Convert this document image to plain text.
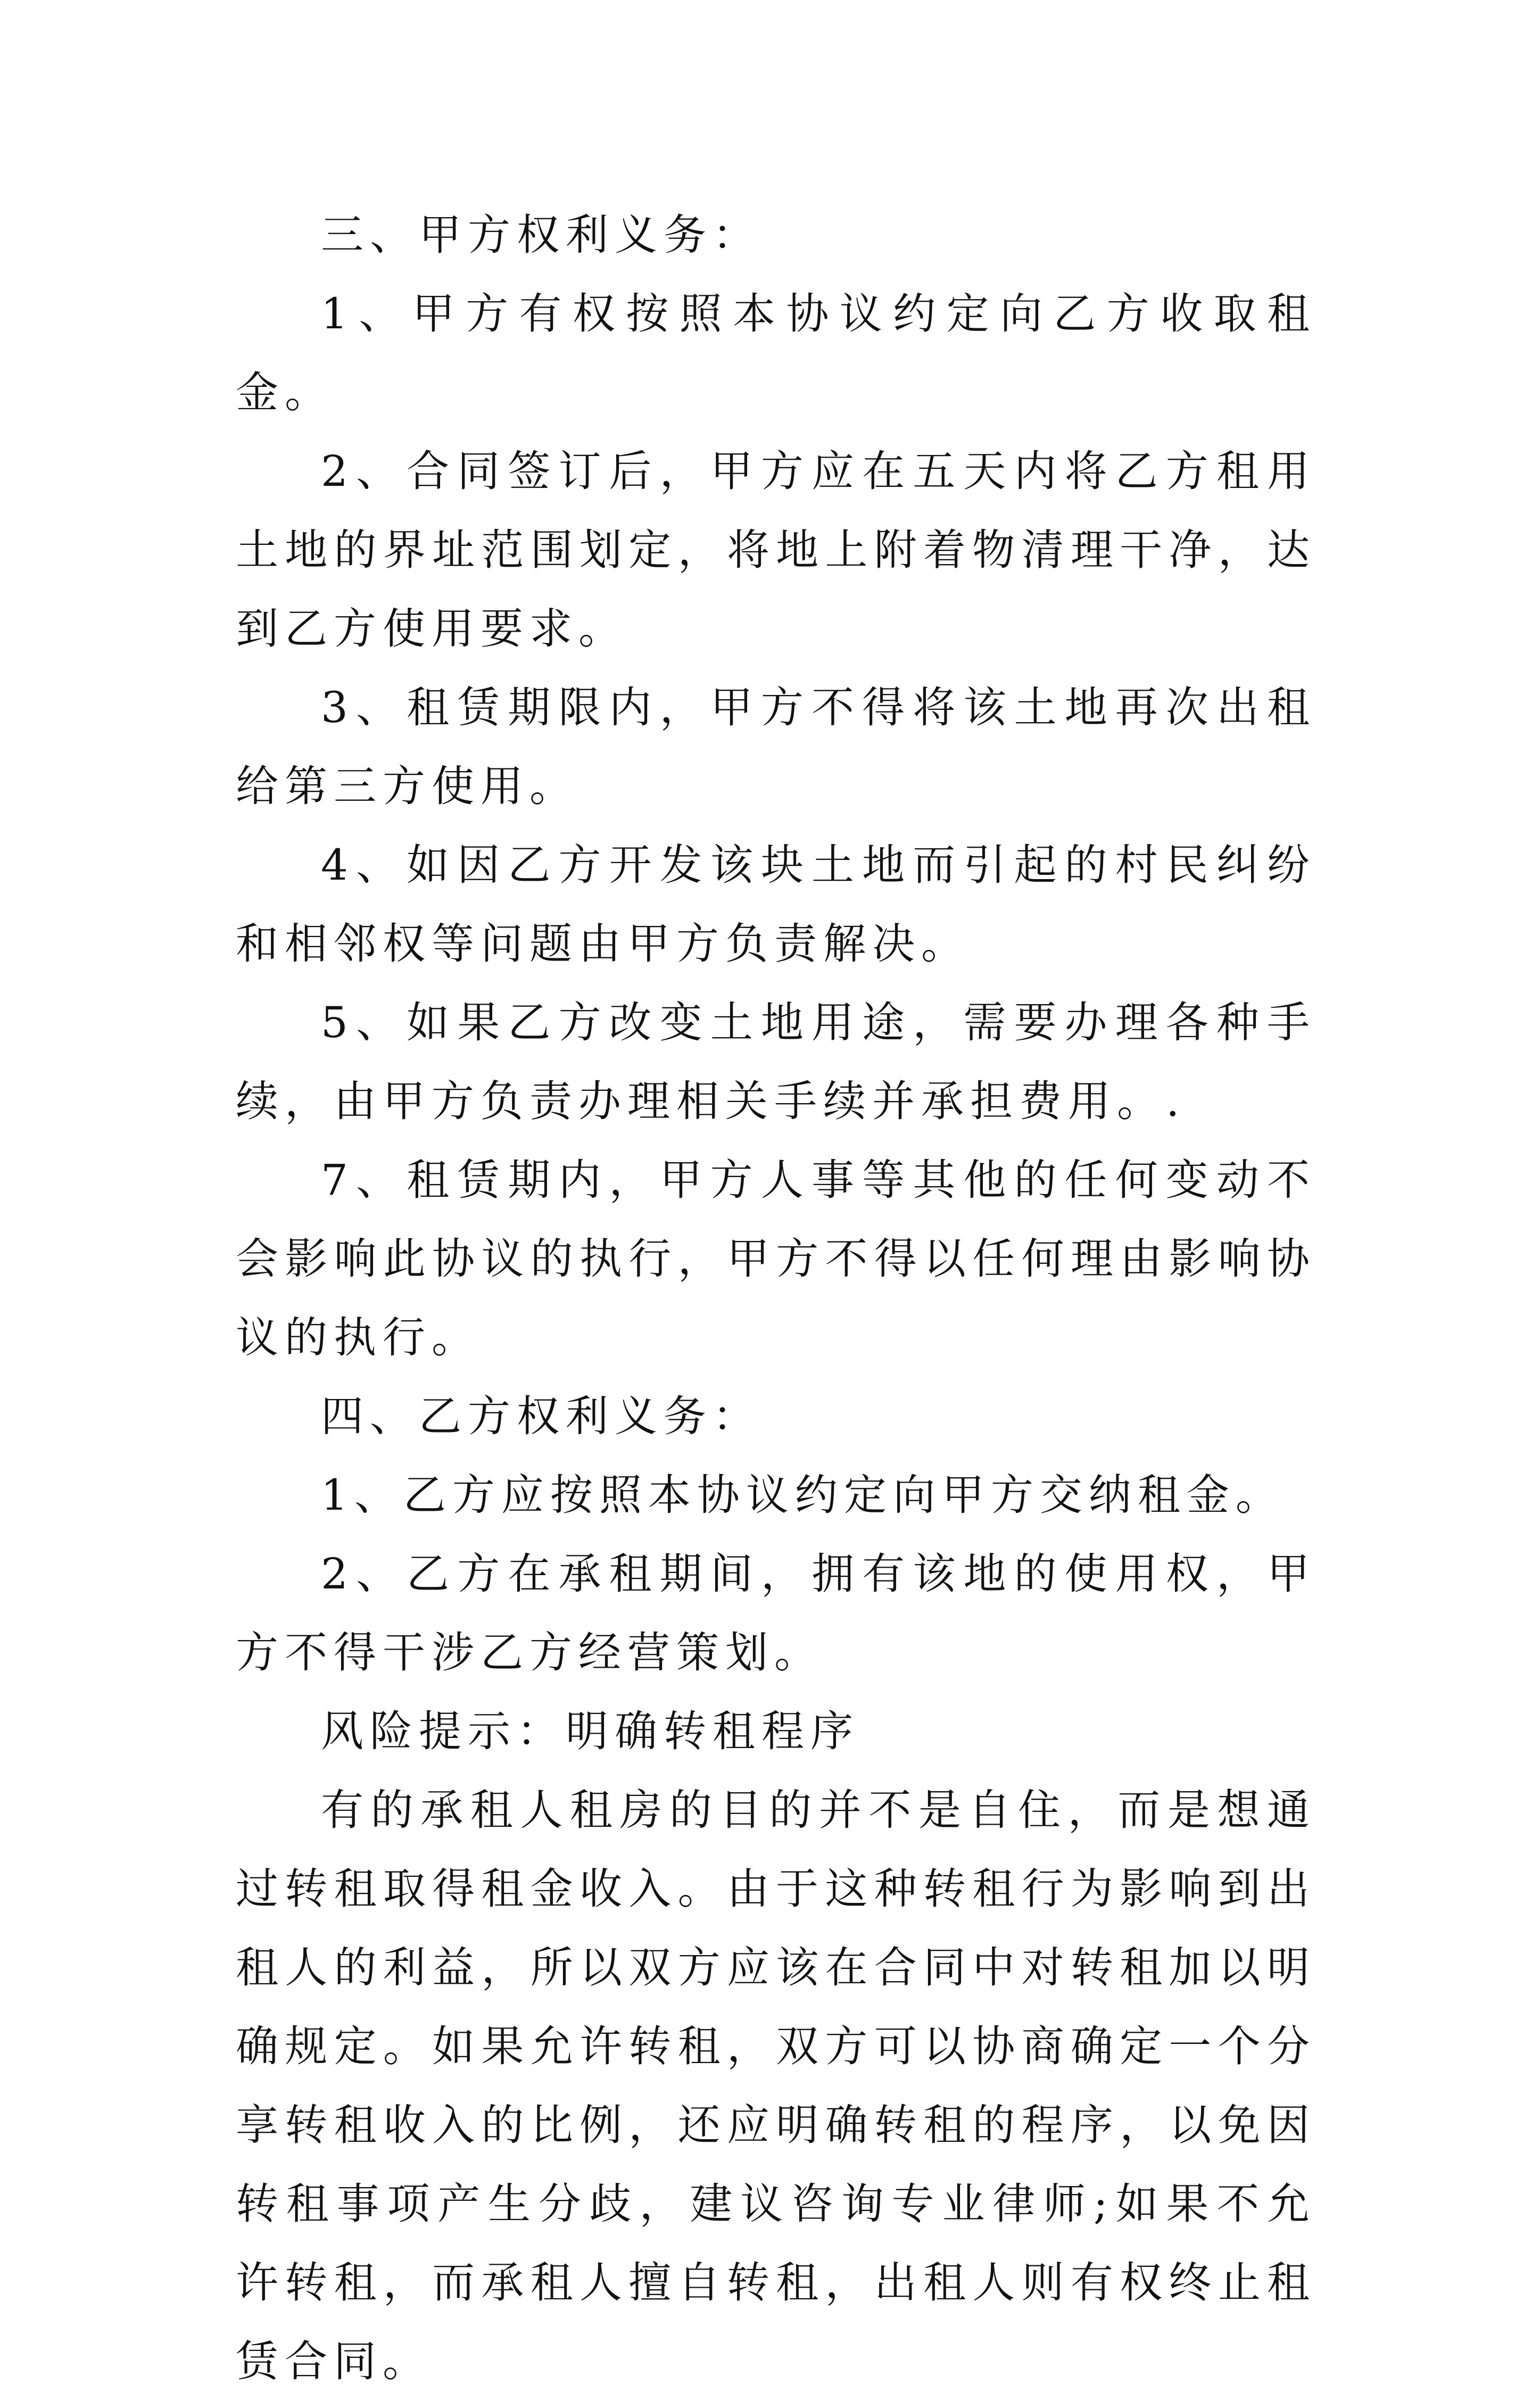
三、甲方权利义务：

1、甲方有权按照本协议约定向乙方收取租金。

2、合同签订后，甲方应在五天内将乙方租用土地的界址范围划定，将地上附着物清理干净，达到乙方使用要求。

3、租赁期限内，甲方不得将该土地再次出租给第三方使用。

4、如因乙方开发该块土地而引起的村民纠纷和相邻权等问题由甲方负责解决。

5、如果乙方改变土地用途，需要办理各种手续，由甲方负责办理相关手续并承担费用。.

7、租赁期内，甲方人事等其他的任何变动不会影响此协议的执行，甲方不得以任何理由影响协议的执行。

四、乙方权利义务：

1、乙方应按照本协议约定向甲方交纳租金。

2、乙方在承租期间，拥有该地的使用权，甲方不得干涉乙方经营策划。

风险提示：明确转租程序

有的承租人租房的目的并不是自住，而是想通过转租取得租金收入。由于这种转租行为影响到出租人的利益，所以双方应该在合同中对转租加以明确规定。如果允许转租，双方可以协商确定一个分享转租收入的比例，还应明确转租的程序，以免因转租事项产生分歧，建议咨询专业律师;如果不允许转租，而承租人擅自转租，出租人则有权终止租赁合同。
